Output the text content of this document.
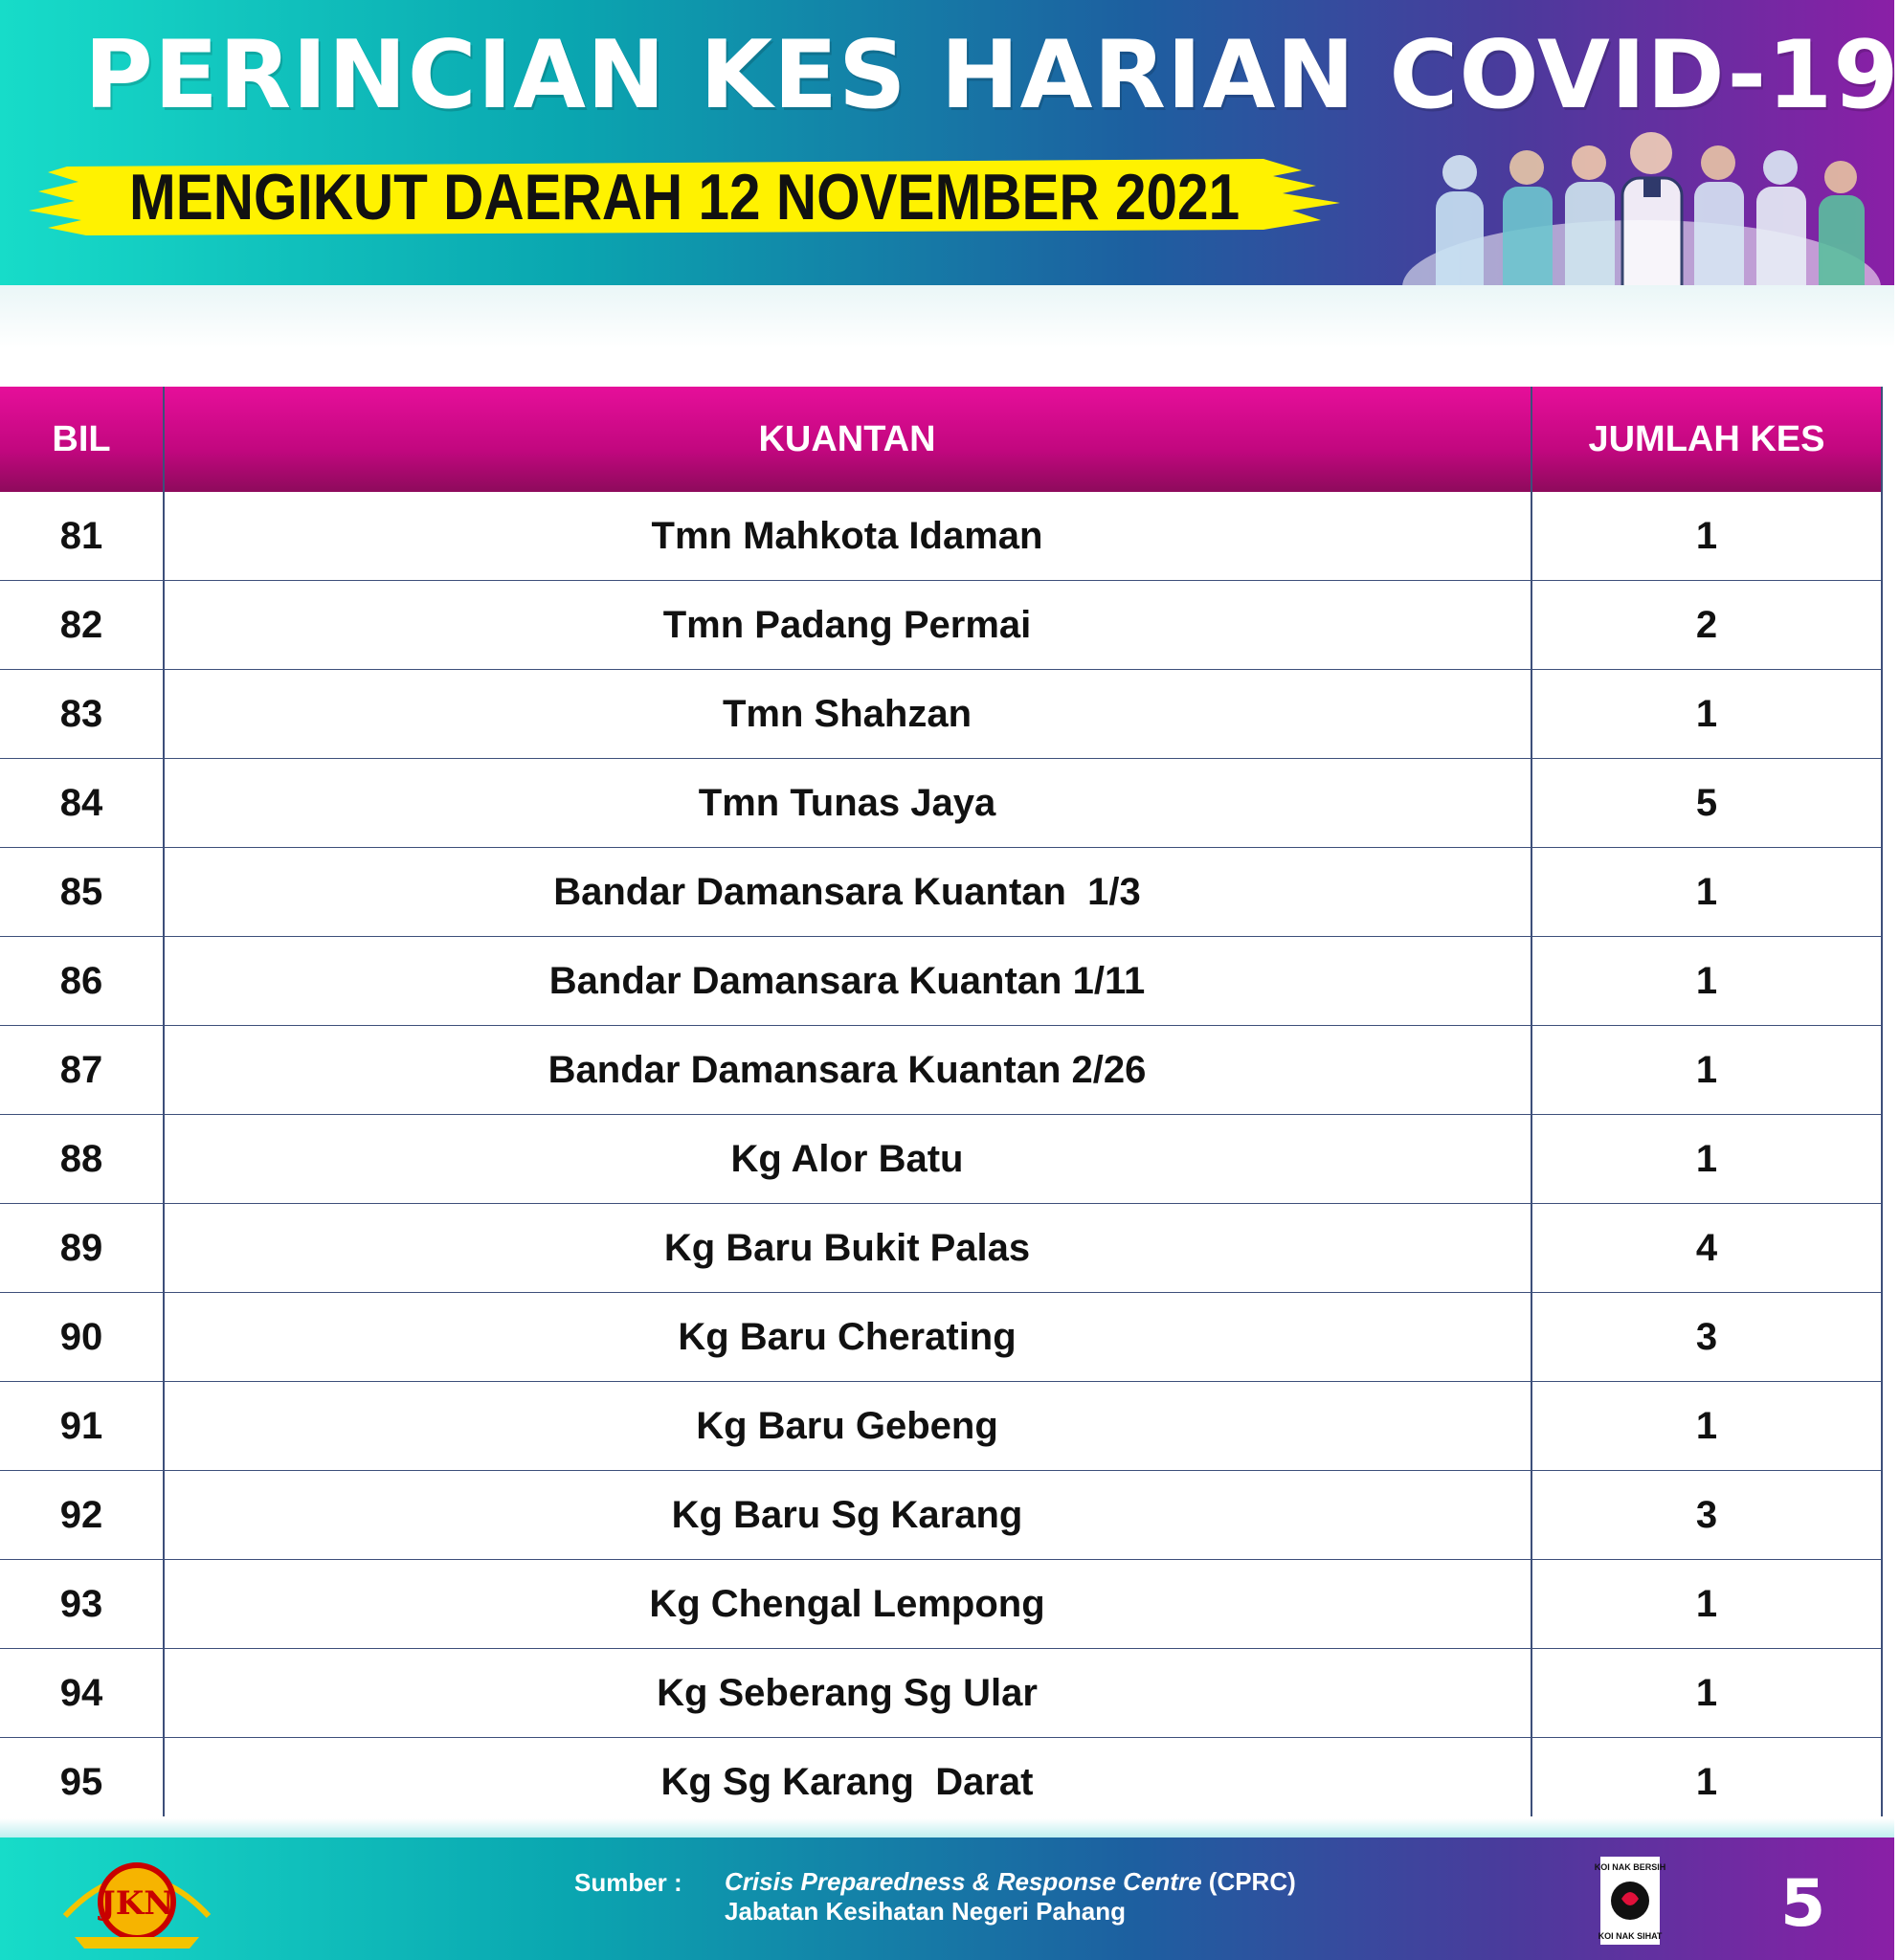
PERINCIAN KES HARIAN COVID-19
MENGIKUT DAERAH 12 NOVEMBER 2021
BIL	KUANTAN	JUMLAH KES
81	Tmn Mahkota Idaman	1
82	Tmn Padang Permai	2
83	Tmn Shahzan	1
84	Tmn Tunas Jaya	5
85	Bandar Damansara Kuantan  1/3	1
86	Bandar Damansara Kuantan 1/11	1
87	Bandar Damansara Kuantan 2/26	1
88	Kg Alor Batu	1
89	Kg Baru Bukit Palas	4
90	Kg Baru Cherating	3
91	Kg Baru Gebeng	1
92	Kg Baru Sg Karang	3
93	Kg Chengal Lempong	1
94	Kg Seberang Sg Ular	1
95	Kg Sg Karang  Darat	1
JKN
Sumber : Crisis Preparedness & Response Centre (CPRC)
Jabatan Kesihatan Negeri Pahang
KOI NAK BERSIH
KOI NAK SIHAT 5
